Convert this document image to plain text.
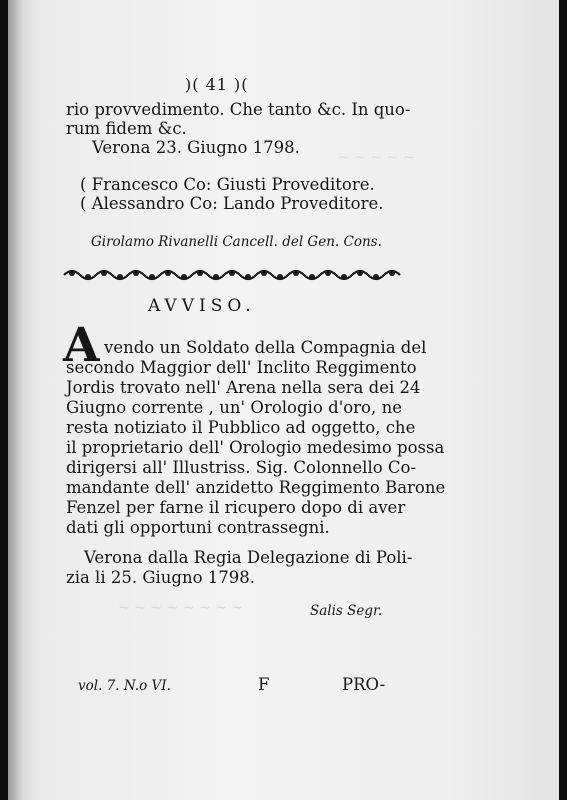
~ ~ ~ ~ ~
~ ~ ~ ~ ~ ~ ~ ~
)( 41 )(
rio provvedimento. Che tanto &c. In quo-
rum fidem &c.
Verona 23. Giugno 1798.
( Francesco Co: Giusti Proveditore.
( Alessandro Co: Lando Proveditore.
Girolamo Rivanelli Cancell. del Gen. Cons.
AVVISO.
A vendo un Soldato della Compagnia del
secondo Maggior dell' Inclito Reggimento
Jordis trovato nell' Arena nella sera dei 24
Giugno corrente , un' Orologio d'oro, ne
resta notiziato il Pubblico ad oggetto, che
il proprietario dell' Orologio medesimo possa
dirigersi all' Illustriss. Sig. Colonnello Co-
mandante dell' anzidetto Reggimento Barone
Fenzel per farne il ricupero dopo di aver
dati gli opportuni contrassegni.
Verona dalla Regia Delegazione di Poli-
zia li 25. Giugno 1798.
Salis Segr.
vol. 7. N.o VI.	F	PRO-
